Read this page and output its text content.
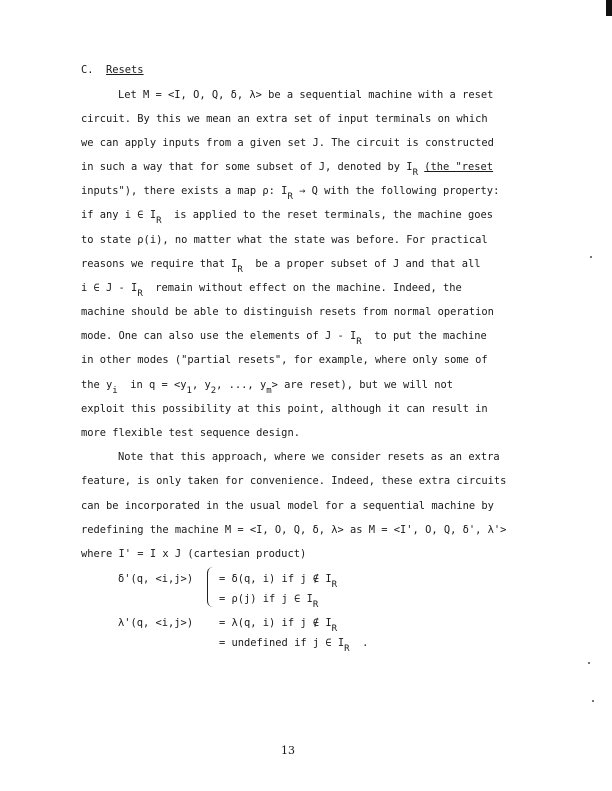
C. Resets
Let M = <I, O, Q, δ, λ> be a sequential machine with a reset
circuit. By this we mean an extra set of input terminals on which
we can apply inputs from a given set J. The circuit is constructed
in such a way that for some subset of J, denoted by IR (the "reset
inputs"), there exists a map ρ: IR → Q with the following property:
if any i ∈ IR is applied to the reset terminals, the machine goes
to state ρ(i), no matter what the state was before. For practical
reasons we require that IR be a proper subset of J and that all
i ∈ J - IR remain without effect on the machine. Indeed, the
machine should be able to distinguish resets from normal operation
mode. One can also use the elements of J - IR to put the machine
in other modes ("partial resets", for example, where only some of
the yi in q = <y1, y2, ..., ym> are reset), but we will not
exploit this possibility at this point, although it can result in
more flexible test sequence design.
Note that this approach, where we consider resets as an extra
feature, is only taken for convenience. Indeed, these extra circuits
can be incorporated in the usual model for a sequential machine by
redefining the machine M = <I, O, Q, δ, λ> as M = <I', O, Q, δ', λ'>
where I' = I x J (cartesian product)
δ'(q, <i,j>) = δ(q, i) if j ∉ IR
= ρ(j) if j ∈ IR
λ'(q, <i,j>) = λ(q, i) if j ∉ IR
= undefined if j ∈ IR .
13
